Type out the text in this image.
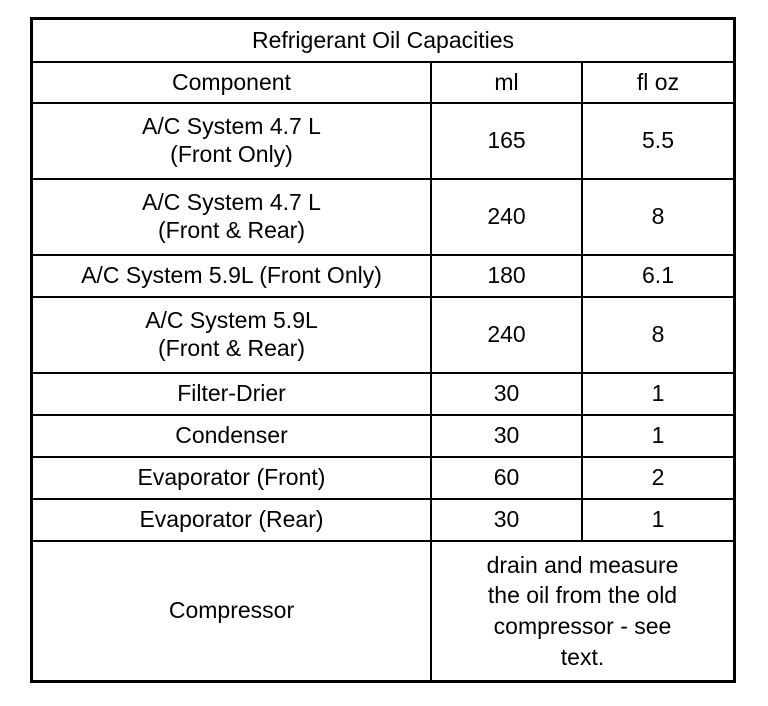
Refrigerant Oil Capacities		
Component	ml	fl oz

A/C System 4.7 L
(Front Only)	165	5.5

A/C System 4.7 L
(Front & Rear)	240	8
A/C System 5.9L (Front Only)	180	6.1

A/C System 5.9L
(Front & Rear)	240	8
Filter-Drier	30	1
Condenser	30	1
Evaporator (Front)	60	2
Evaporator (Rear)	30	1
Compressor	drain and measure
the oil from the old
compressor - see
text.	
